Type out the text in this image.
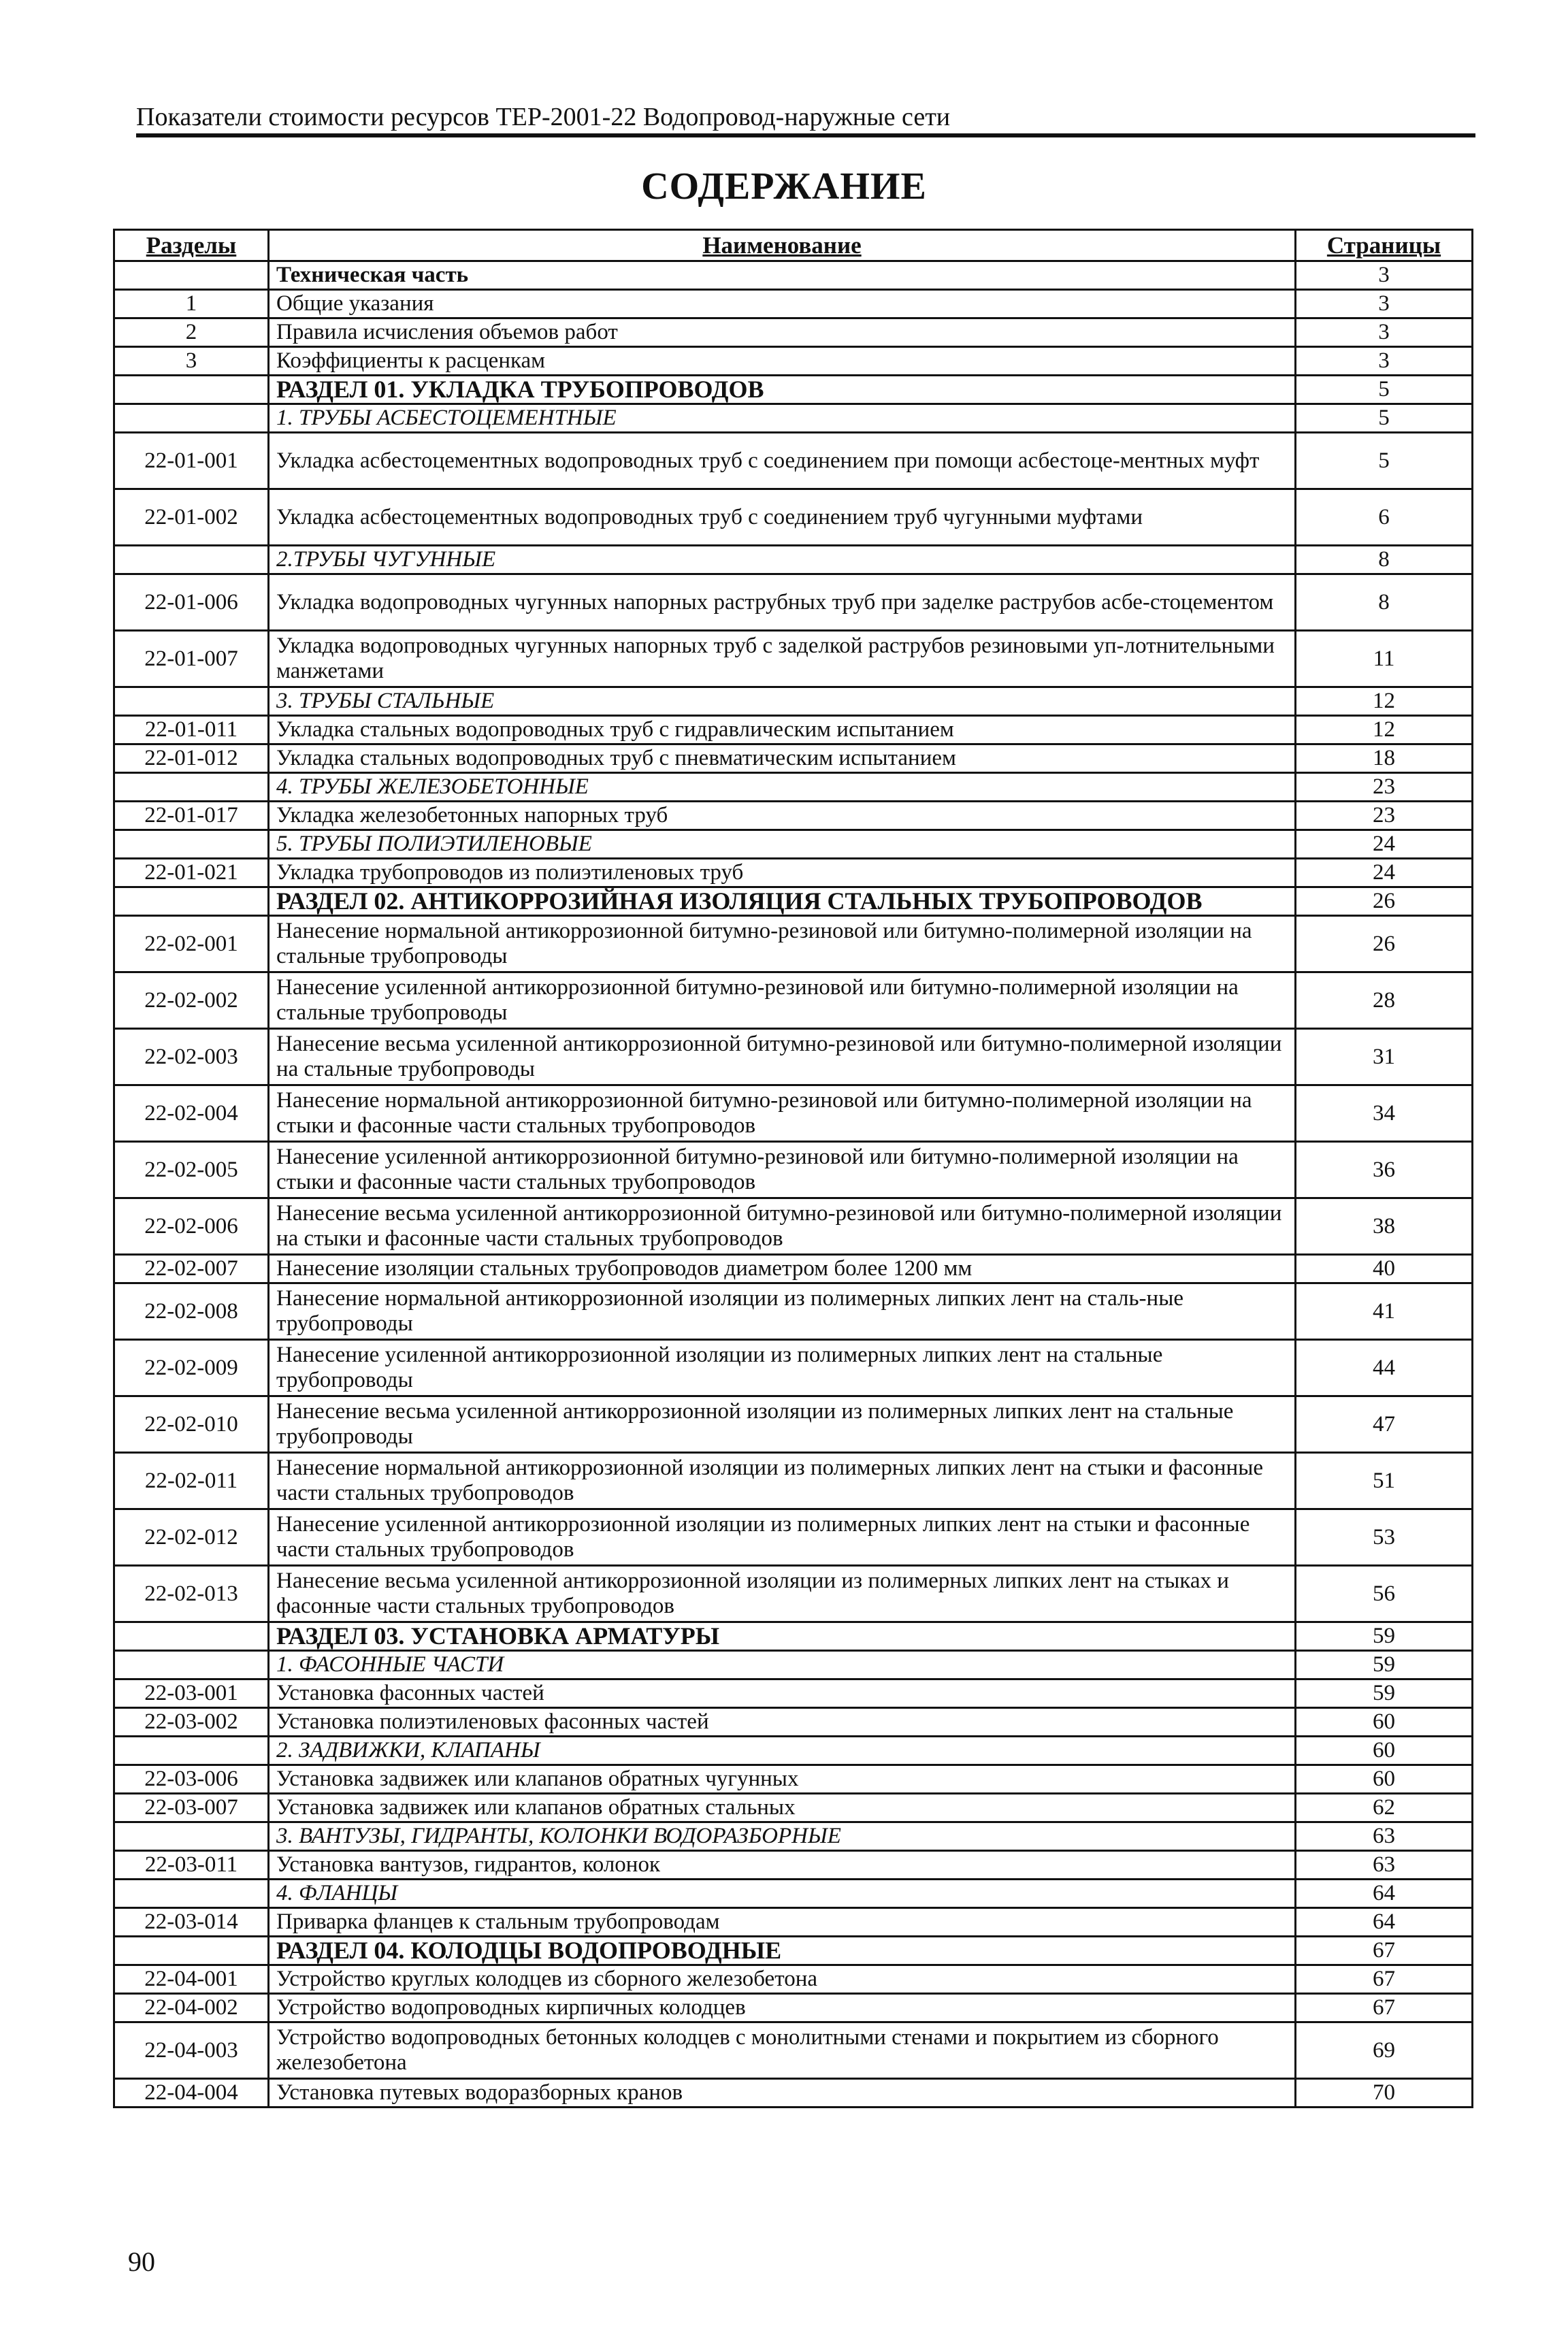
Показатели стоимости ресурсов ТЕР-2001-22 Водопровод-наружные сети
СОДЕРЖАНИЕ
Разделы	Наименование	Страницы
	Техническая часть	3
1	Общие указания	3
2	Правила исчисления объемов работ	3
3	Коэффициенты к расценкам	3
	РАЗДЕЛ 01. УКЛАДКА ТРУБОПРОВОДОВ	5
	1. ТРУБЫ АСБЕСТОЦЕМЕНТНЫЕ	5
22-01-001	Укладка асбестоцементных водопроводных труб с соединением при помощи асбестоце-ментных муфт	5
22-01-002	Укладка асбестоцементных водопроводных труб с соединением труб чугунными муфтами	6
	2.ТРУБЫ ЧУГУННЫЕ	8
22-01-006	Укладка водопроводных чугунных напорных раструбных труб при заделке раструбов асбе-стоцементом	8
22-01-007	Укладка водопроводных чугунных напорных труб с заделкой раструбов резиновыми уп-лотнительными манжетами	11
	3. ТРУБЫ СТАЛЬНЫЕ	12
22-01-011	Укладка стальных водопроводных труб с гидравлическим испытанием	12
22-01-012	Укладка стальных водопроводных труб с пневматическим испытанием	18
	4. ТРУБЫ ЖЕЛЕЗОБЕТОННЫЕ	23
22-01-017	Укладка железобетонных напорных труб	23
	5. ТРУБЫ ПОЛИЭТИЛЕНОВЫЕ	24
22-01-021	Укладка трубопроводов из полиэтиленовых труб	24
	РАЗДЕЛ 02. АНТИКОРРОЗИЙНАЯ ИЗОЛЯЦИЯ СТАЛЬНЫХ ТРУБОПРОВОДОВ	26
22-02-001	Нанесение нормальной антикоррозионной битумно-резиновой или битумно-полимерной изоляции на стальные трубопроводы	26
22-02-002	Нанесение усиленной антикоррозионной битумно-резиновой или битумно-полимерной изоляции на стальные трубопроводы	28
22-02-003	Нанесение весьма усиленной антикоррозионной битумно-резиновой или битумно-полимерной изоляции на стальные трубопроводы	31
22-02-004	Нанесение нормальной антикоррозионной битумно-резиновой или битумно-полимерной изоляции на стыки и фасонные части стальных трубопроводов	34
22-02-005	Нанесение усиленной антикоррозионной битумно-резиновой или битумно-полимерной изоляции на стыки и фасонные части стальных трубопроводов	36
22-02-006	Нанесение весьма усиленной антикоррозионной битумно-резиновой или битумно-полимерной изоляции на стыки и фасонные части стальных трубопроводов	38
22-02-007	Нанесение изоляции стальных трубопроводов диаметром более 1200 мм	40
22-02-008	Нанесение нормальной антикоррозионной изоляции из полимерных липких лент на сталь-ные трубопроводы	41
22-02-009	Нанесение усиленной антикоррозионной изоляции из полимерных липких лент на стальные трубопроводы	44
22-02-010	Нанесение весьма усиленной антикоррозионной изоляции из полимерных липких лент на стальные трубопроводы	47
22-02-011	Нанесение нормальной антикоррозионной изоляции из полимерных липких лент на стыки и фасонные части стальных трубопроводов	51
22-02-012	Нанесение усиленной антикоррозионной изоляции из полимерных липких лент на стыки и фасонные части стальных трубопроводов	53
22-02-013	Нанесение весьма усиленной антикоррозионной изоляции из полимерных липких лент на стыках и фасонные части стальных трубопроводов	56
	РАЗДЕЛ 03. УСТАНОВКА АРМАТУРЫ	59
	1. ФАСОННЫЕ ЧАСТИ	59
22-03-001	Установка фасонных частей	59
22-03-002	Установка полиэтиленовых фасонных частей	60
	2. ЗАДВИЖКИ, КЛАПАНЫ	60
22-03-006	Установка задвижек или клапанов обратных чугунных	60
22-03-007	Установка задвижек или клапанов обратных стальных	62
	3. ВАНТУЗЫ, ГИДРАНТЫ, КОЛОНКИ ВОДОРАЗБОРНЫЕ	63
22-03-011	Установка вантузов, гидрантов, колонок	63
	4. ФЛАНЦЫ	64
22-03-014	Приварка фланцев к стальным трубопроводам	64
	РАЗДЕЛ 04. КОЛОДЦЫ ВОДОПРОВОДНЫЕ	67
22-04-001	Устройство круглых колодцев из сборного железобетона	67
22-04-002	Устройство водопроводных кирпичных колодцев	67
22-04-003	Устройство водопроводных бетонных колодцев с монолитными стенами и покрытием из сборного железобетона	69
22-04-004	Установка путевых водоразборных кранов	70
90
